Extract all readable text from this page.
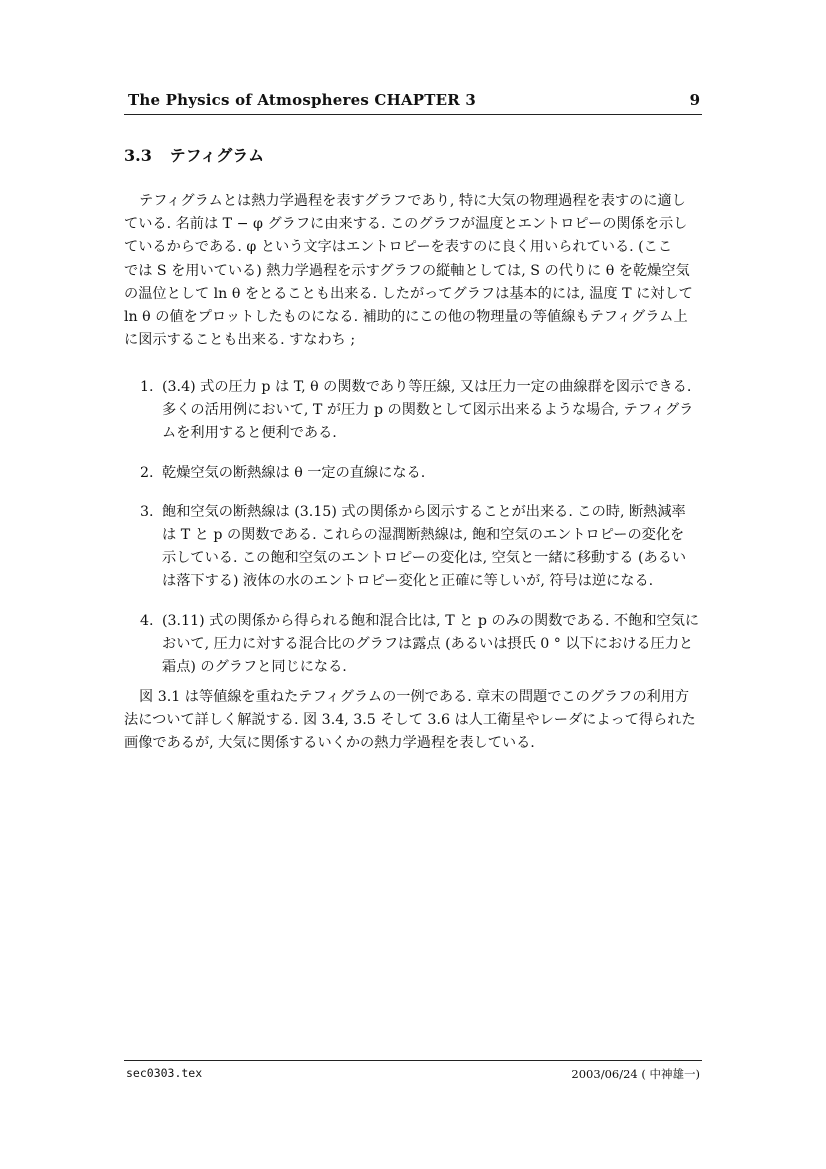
The Physics of Atmospheres CHAPTER 3	9
3.3 テフィグラム
テフィグラムとは熱力学過程を表すグラフであり, 特に大気の物理過程を表すのに適し
ている. 名前は T − φ グラフに由来する. このグラフが温度とエントロピーの関係を示し
ているからである. φ という文字はエントロピーを表すのに良く用いられている. (ここ
では S を用いている) 熱力学過程を示すグラフの縦軸としては, S の代りに θ を乾燥空気
の温位として ln θ をとることも出来る. したがってグラフは基本的には, 温度 T に対して
ln θ の値をプロットしたものになる. 補助的にこの他の物理量の等値線もテフィグラム上
に図示することも出来る. すなわち ;
1. (3.4) 式の圧力 p は T, θ の関数であり等圧線, 又は圧力一定の曲線群を図示できる.
多くの活用例において, T が圧力 p の関数として図示出来るような場合, テフィグラ
ムを利用すると便利である.
2. 乾燥空気の断熱線は θ 一定の直線になる.
3. 飽和空気の断熱線は (3.15) 式の関係から図示することが出来る. この時, 断熱減率
は T と p の関数である. これらの湿潤断熱線は, 飽和空気のエントロピーの変化を
示している. この飽和空気のエントロピーの変化は, 空気と一緒に移動する (あるい
は落下する) 液体の水のエントロピー変化と正確に等しいが, 符号は逆になる.
4. (3.11) 式の関係から得られる飽和混合比は, T と p のみの関数である. 不飽和空気に
おいて, 圧力に対する混合比のグラフは露点 (あるいは摂氏 0 ° 以下における圧力と
霜点) のグラフと同じになる.
図 3.1 は等値線を重ねたテフィグラムの一例である. 章末の問題でこのグラフの利用方
法について詳しく解説する. 図 3.4, 3.5 そして 3.6 は人工衛星やレーダによって得られた
画像であるが, 大気に関係するいくかの熱力学過程を表している.
sec0303.tex	2003/06/24 ( 中神雄一)
